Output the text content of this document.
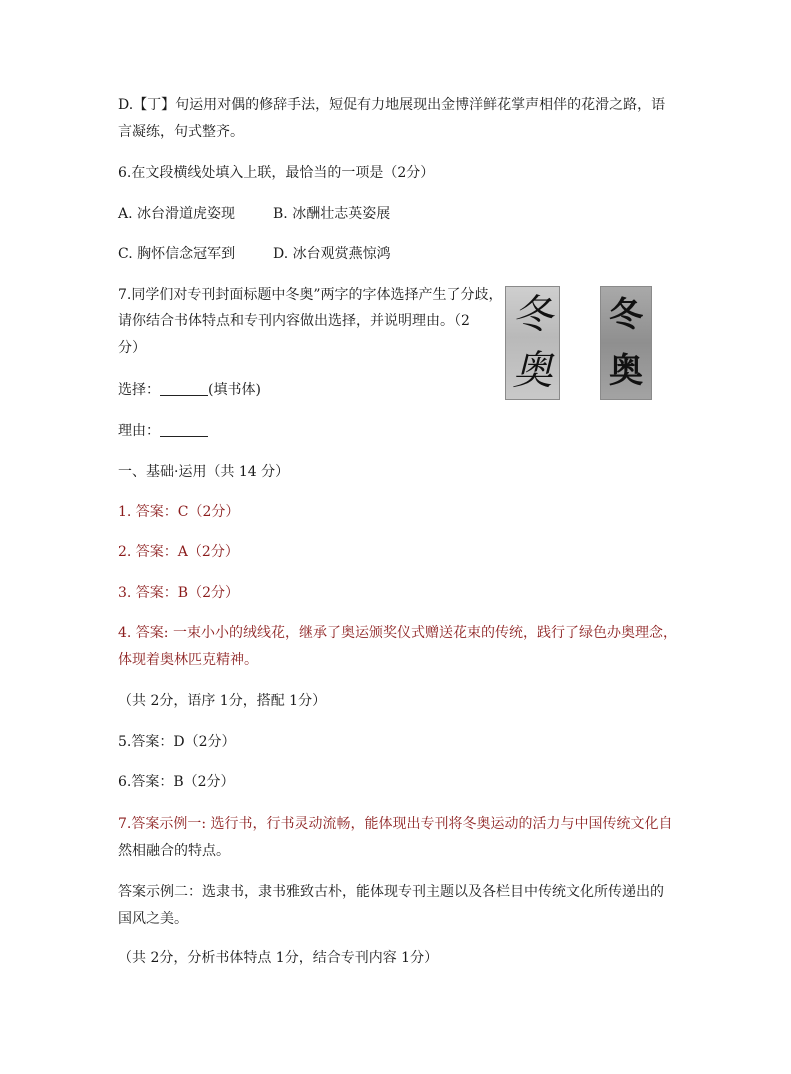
D.【丁】句运用对偶的修辞手法，短促有力地展现出金博洋鲜花掌声相伴的花滑之路，语
言凝练，句式整齐。
6.在文段横线处填入上联，最恰当的一项是（2分）
A. 冰台滑道虎姿现	B. 冰酬壮志英姿展
C. 胸怀信念冠军到	D. 冰台观赏燕惊鸿
7.同学们对专刊封面标题中冬奥”两字的字体选择产生了分歧，
请你结合书体特点和专刊内容做出选择，并说明理由。（2
分）
冬
奥
冬
奥
选择：	(填书体)
理由：
一、基础·运用（共 14 分）
1. 答案：C（2分）
2. 答案：A（2分）
3. 答案：B（2分）
4. 答案: 一束小小的绒线花，继承了奥运颁奖仪式赠送花束的传统，践行了绿色办奥理念，
体现着奥林匹克精神。
（共 2分，语序 1分，搭配 1分）
5.答案：D（2分）
6.答案：B（2分）
7.答案示例一: 选行书，行书灵动流畅，能体现出专刊将冬奥运动的活力与中国传统文化自
然相融合的特点。
答案示例二：选隶书，隶书雅致古朴，能体现专刊主题以及各栏目中传统文化所传递出的
国风之美。
（共 2分，分析书体特点 1分，结合专刊内容 1分）
